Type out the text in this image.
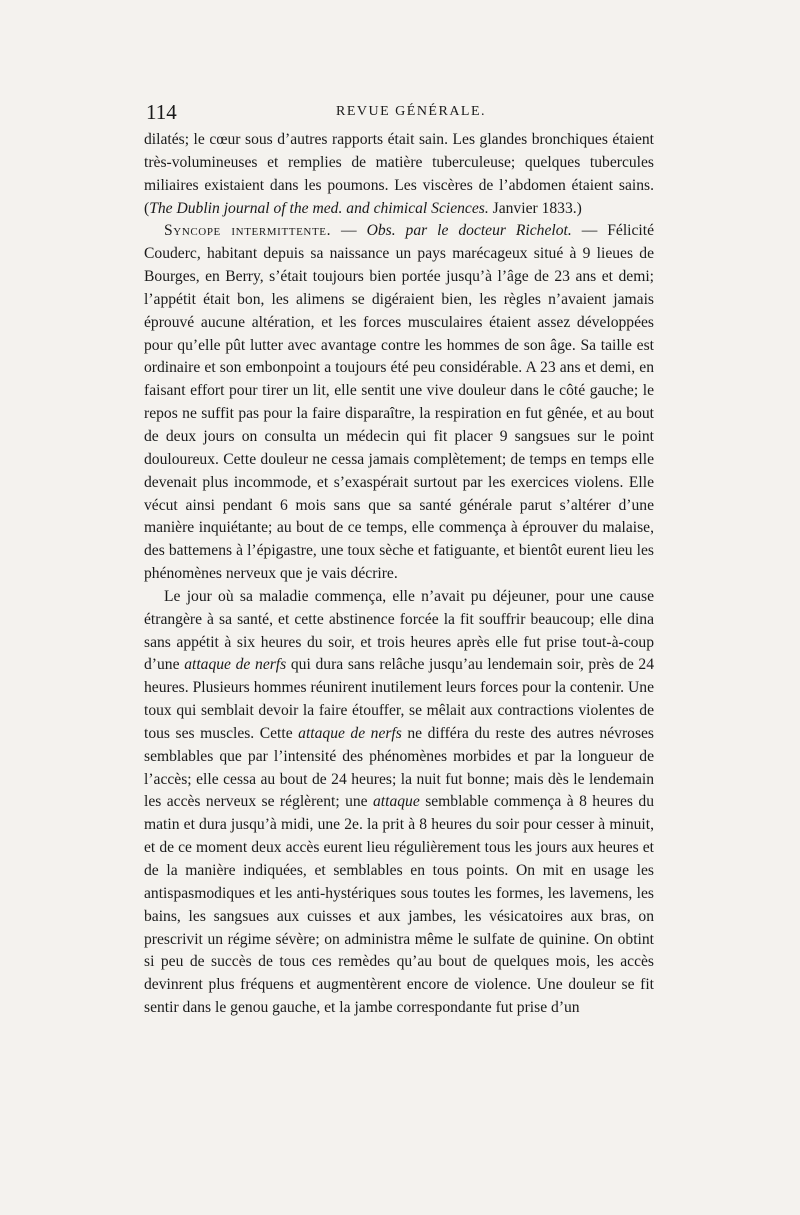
114	REVUE GÉNÉRALE.

dilatés; le cœur sous d’autres rapports était sain. Les glandes bronchiques étaient très-volumineuses et remplies de matière tuberculeuse; quelques tubercules miliaires existaient dans les poumons. Les viscères de l’abdomen étaient sains. (The Dublin journal of the med. and chimical Sciences. Janvier 1833.)

Syncope intermittente. — Obs. par le docteur Richelot. — Félicité Couderc, habitant depuis sa naissance un pays marécageux situé à 9 lieues de Bourges, en Berry, s’était toujours bien portée jusqu’à l’âge de 23 ans et demi; l’appétit était bon, les alimens se digéraient bien, les règles n’avaient jamais éprouvé aucune altération, et les forces musculaires étaient assez développées pour qu’elle pût lutter avec avantage contre les hommes de son âge. Sa taille est ordinaire et son embonpoint a toujours été peu considérable. A 23 ans et demi, en faisant effort pour tirer un lit, elle sentit une vive douleur dans le côté gauche; le repos ne suffit pas pour la faire disparaître, la respiration en fut gênée, et au bout de deux jours on consulta un médecin qui fit placer 9 sangsues sur le point douloureux. Cette douleur ne cessa jamais complètement; de temps en temps elle devenait plus incommode, et s’exaspérait surtout par les exercices violens. Elle vécut ainsi pendant 6 mois sans que sa santé générale parut s’altérer d’une manière inquiétante; au bout de ce temps, elle commença à éprouver du malaise, des battemens à l’épigastre, une toux sèche et fatiguante, et bientôt eurent lieu les phénomènes nerveux que je vais décrire.

Le jour où sa maladie commença, elle n’avait pu déjeuner, pour une cause étrangère à sa santé, et cette abstinence forcée la fit souffrir beaucoup; elle dina sans appétit à six heures du soir, et trois heures après elle fut prise tout-à-coup d’une attaque de nerfs qui dura sans relâche jusqu’au lendemain soir, près de 24 heures. Plusieurs hommes réunirent inutilement leurs forces pour la contenir. Une toux qui semblait devoir la faire étouffer, se mêlait aux contractions violentes de tous ses muscles. Cette attaque de nerfs ne différa du reste des autres névroses semblables que par l’intensité des phénomènes morbides et par la longueur de l’accès; elle cessa au bout de 24 heures; la nuit fut bonne; mais dès le lendemain les accès nerveux se réglèrent; une attaque semblable commença à 8 heures du matin et dura jusqu’à midi, une 2e. la prit à 8 heures du soir pour cesser à minuit, et de ce moment deux accès eurent lieu régulièrement tous les jours aux heures et de la manière indiquées, et semblables en tous points. On mit en usage les antispasmodiques et les anti-hystériques sous toutes les formes, les lavemens, les bains, les sangsues aux cuisses et aux jambes, les vésicatoires aux bras, on prescrivit un régime sévère; on administra même le sulfate de quinine. On obtint si peu de succès de tous ces remèdes qu’au bout de quelques mois, les accès devinrent plus fréquens et augmentèrent encore de violence. Une douleur se fit sentir dans le genou gauche, et la jambe correspondante fut prise d’un
